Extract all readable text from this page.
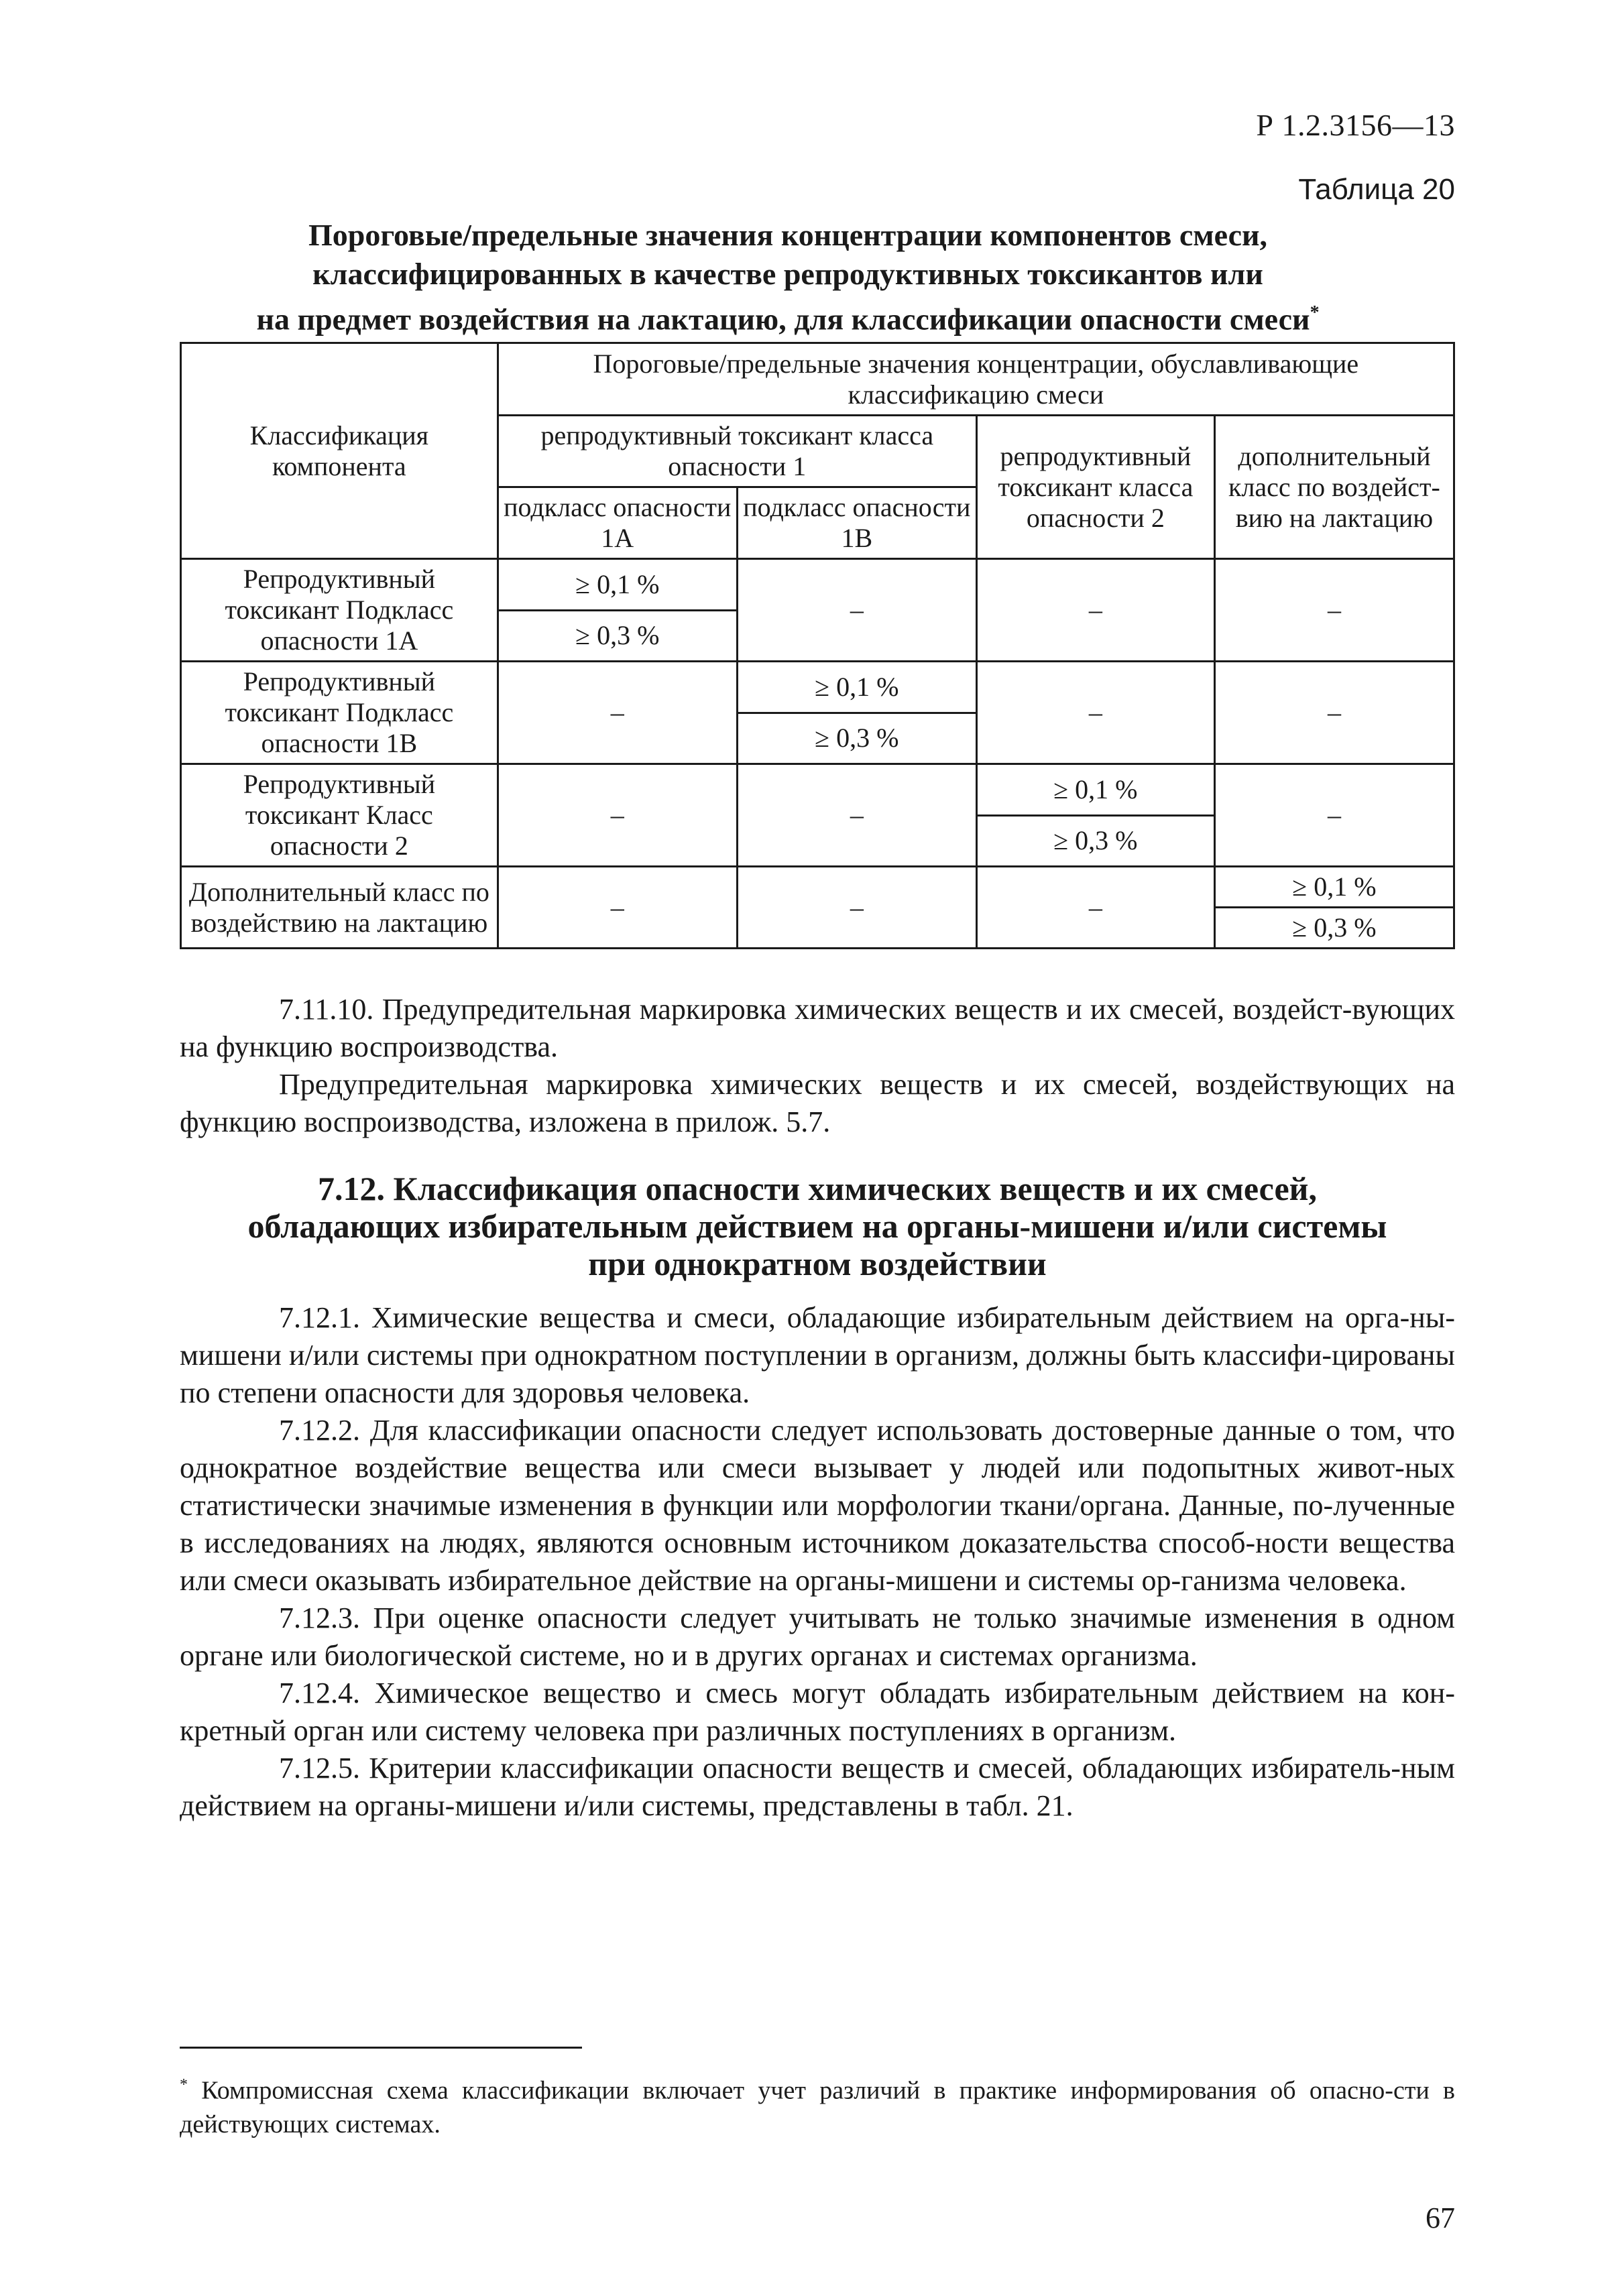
Р 1.2.3156—13
Таблица 20
Пороговые/предельные значения концентрации компонентов смеси,
классифицированных в качестве репродуктивных токсикантов или
на предмет воздействия на лактацию, для классификации опасности смеси*
Классификация компонента	Пороговые/предельные значения концентрации, обуславливающие классификацию смеси			
	репродуктивный токсикант класса опасности 1		репродуктивный токсикант класса опасности 2	дополнительный класс по воздейст-вию на лактацию
	подкласс опасности 1А	подкласс опасности 1В		
Репродуктивный токсикант Подкласс опасности 1А	≥ 0,1 %	–	–	–
	≥ 0,3 %			
Репродуктивный токсикант Подкласс опасности 1В	–	≥ 0,1 %	–	–
		≥ 0,3 %		
Репродуктивный токсикант Класс опасности 2	–	–	≥ 0,1 %	–
			≥ 0,3 %	
Дополнительный класс по воздействию на лактацию	–	–	–	≥ 0,1 %
				≥ 0,3 %

7.11.10. Предупредительная маркировка химических веществ и их смесей, воздейст-вующих на функцию воспроизводства.

Предупредительная маркировка химических веществ и их смесей, воздействующих на функцию воспроизводства, изложена в прилож. 5.7.

7.12. Классификация опасности химических веществ и их смесей,
обладающих избирательным действием на органы-мишени и/или системы
при однократном воздействии

7.12.1. Химические вещества и смеси, обладающие избирательным действием на орга-ны-мишени и/или системы при однократном поступлении в организм, должны быть классифи-цированы по степени опасности для здоровья человека.

7.12.2. Для классификации опасности следует использовать достоверные данные о том, что однократное воздействие вещества или смеси вызывает у людей или подопытных живот-ных статистически значимые изменения в функции или морфологии ткани/органа. Данные, по-лученные в исследованиях на людях, являются основным источником доказательства способ-ности вещества или смеси оказывать избирательное действие на органы-мишени и системы ор-ганизма человека.

7.12.3. При оценке опасности следует учитывать не только значимые изменения в одном органе или биологической системе, но и в других органах и системах организма.

7.12.4. Химическое вещество и смесь могут обладать избирательным действием на кон-кретный орган или систему человека при различных поступлениях в организм.

7.12.5. Критерии классификации опасности веществ и смесей, обладающих избиратель-ным действием на органы-мишени и/или системы, представлены в табл. 21.

* Компромиссная схема классификации включает учет различий в практике информирования об опасно-сти в действующих системах.
67
